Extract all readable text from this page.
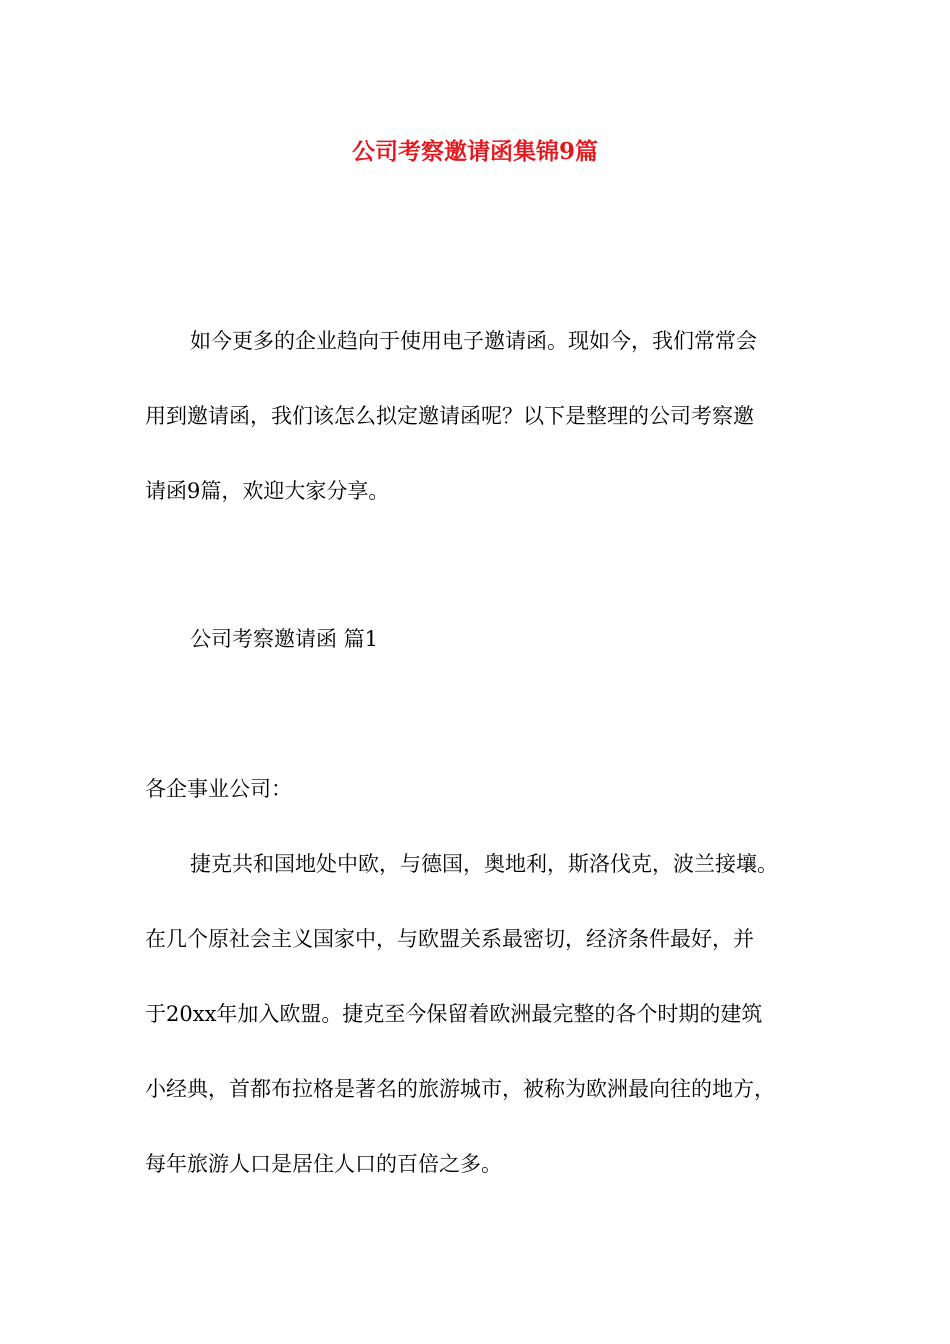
公司考察邀请函集锦9篇
如今更多的企业趋向于使用电子邀请函。现如今，我们常常会
用到邀请函，我们该怎么拟定邀请函呢？以下是整理的公司考察邀
请函9篇，欢迎大家分享。
公司考察邀请函 篇1
各企事业公司：
捷克共和国地处中欧，与德国，奥地利，斯洛伐克，波兰接壤。
在几个原社会主义国家中，与欧盟关系最密切，经济条件最好，并
于20xx年加入欧盟。捷克至今保留着欧洲最完整的各个时期的建筑
小经典，首都布拉格是著名的旅游城市，被称为欧洲最向往的地方，
每年旅游人口是居住人口的百倍之多。
